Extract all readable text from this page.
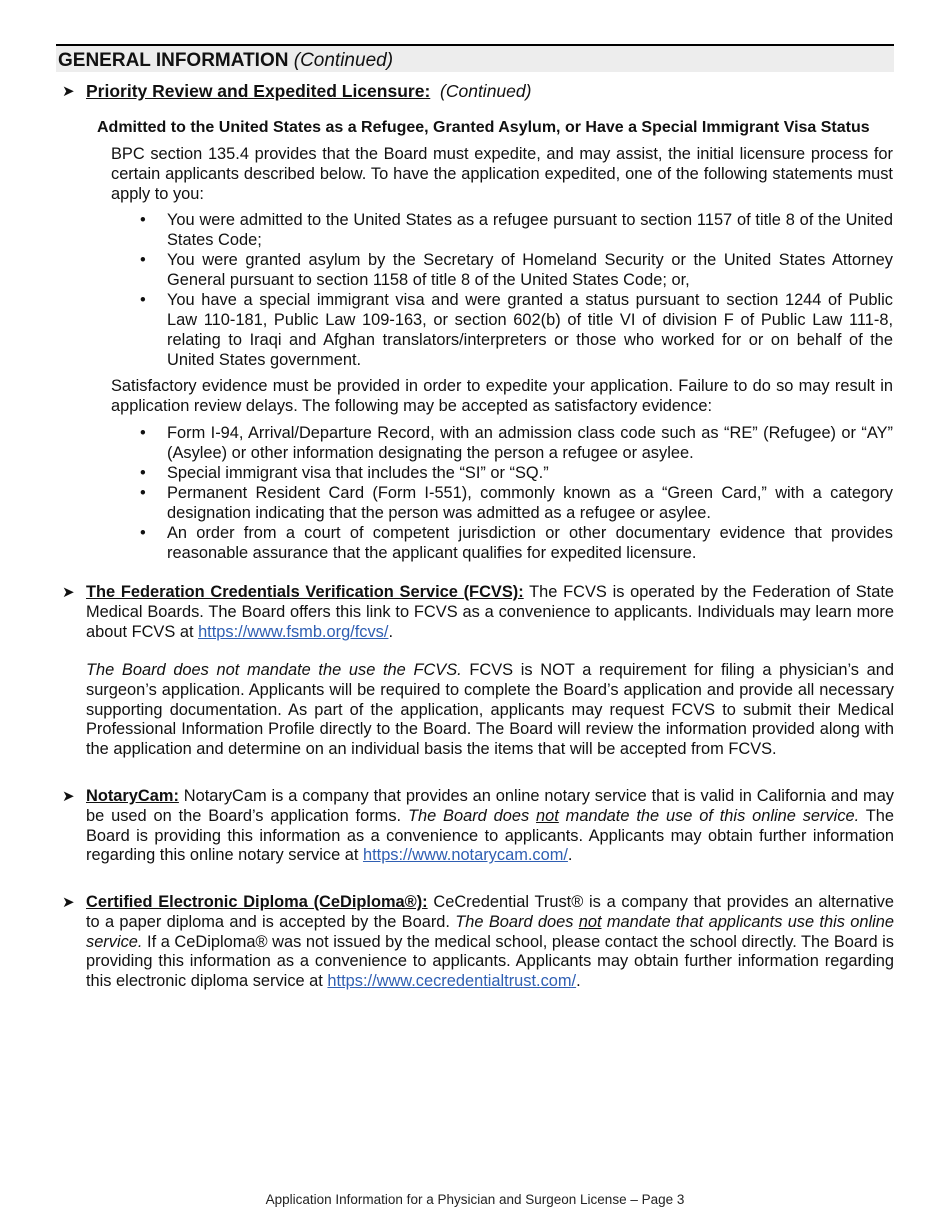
GENERAL INFORMATION (Continued)
➤ Priority Review and Expedited Licensure: (Continued)
Admitted to the United States as a Refugee, Granted Asylum, or Have a Special Immigrant Visa Status
BPC section 135.4 provides that the Board must expedite, and may assist, the initial licensure process for certain applicants described below. To have the application expedited, one of the following statements must apply to you:
• You were admitted to the United States as a refugee pursuant to section 1157 of title 8 of the United States Code;
• You were granted asylum by the Secretary of Homeland Security or the United States Attorney General pursuant to section 1158 of title 8 of the United States Code; or,
• You have a special immigrant visa and were granted a status pursuant to section 1244 of Public Law 110-181, Public Law 109-163, or section 602(b) of title VI of division F of Public Law 111-8, relating to Iraqi and Afghan translators/interpreters or those who worked for or on behalf of the United States government.
Satisfactory evidence must be provided in order to expedite your application. Failure to do so may result in application review delays. The following may be accepted as satisfactory evidence:
• Form I-94, Arrival/Departure Record, with an admission class code such as “RE” (Refugee) or “AY” (Asylee) or other information designating the person a refugee or asylee.
• Special immigrant visa that includes the “SI” or “SQ.”
• Permanent Resident Card (Form I-551), commonly known as a “Green Card,” with a category designation indicating that the person was admitted as a refugee or asylee.
• An order from a court of competent jurisdiction or other documentary evidence that provides reasonable assurance that the applicant qualifies for expedited licensure.
➤ The Federation Credentials Verification Service (FCVS): The FCVS is operated by the Federation of State Medical Boards. The Board offers this link to FCVS as a convenience to applicants. Individuals may learn more about FCVS at https://www.fsmb.org/fcvs/.
The Board does not mandate the use the FCVS. FCVS is NOT a requirement for filing a physician’s and surgeon’s application. Applicants will be required to complete the Board’s application and provide all necessary supporting documentation. As part of the application, applicants may request FCVS to submit their Medical Professional Information Profile directly to the Board. The Board will review the information provided along with the application and determine on an individual basis the items that will be accepted from FCVS.
➤ NotaryCam: NotaryCam is a company that provides an online notary service that is valid in California and may be used on the Board’s application forms. The Board does not mandate the use of this online service. The Board is providing this information as a convenience to applicants. Applicants may obtain further information regarding this online notary service at https://www.notarycam.com/.
➤ Certified Electronic Diploma (CeDiploma®): CeCredential Trust® is a company that provides an alternative to a paper diploma and is accepted by the Board. The Board does not mandate that applicants use this online service. If a CeDiploma® was not issued by the medical school, please contact the school directly. The Board is providing this information as a convenience to applicants. Applicants may obtain further information regarding this electronic diploma service at https://www.cecredentialtrust.com/.
Application Information for a Physician and Surgeon License – Page 3
